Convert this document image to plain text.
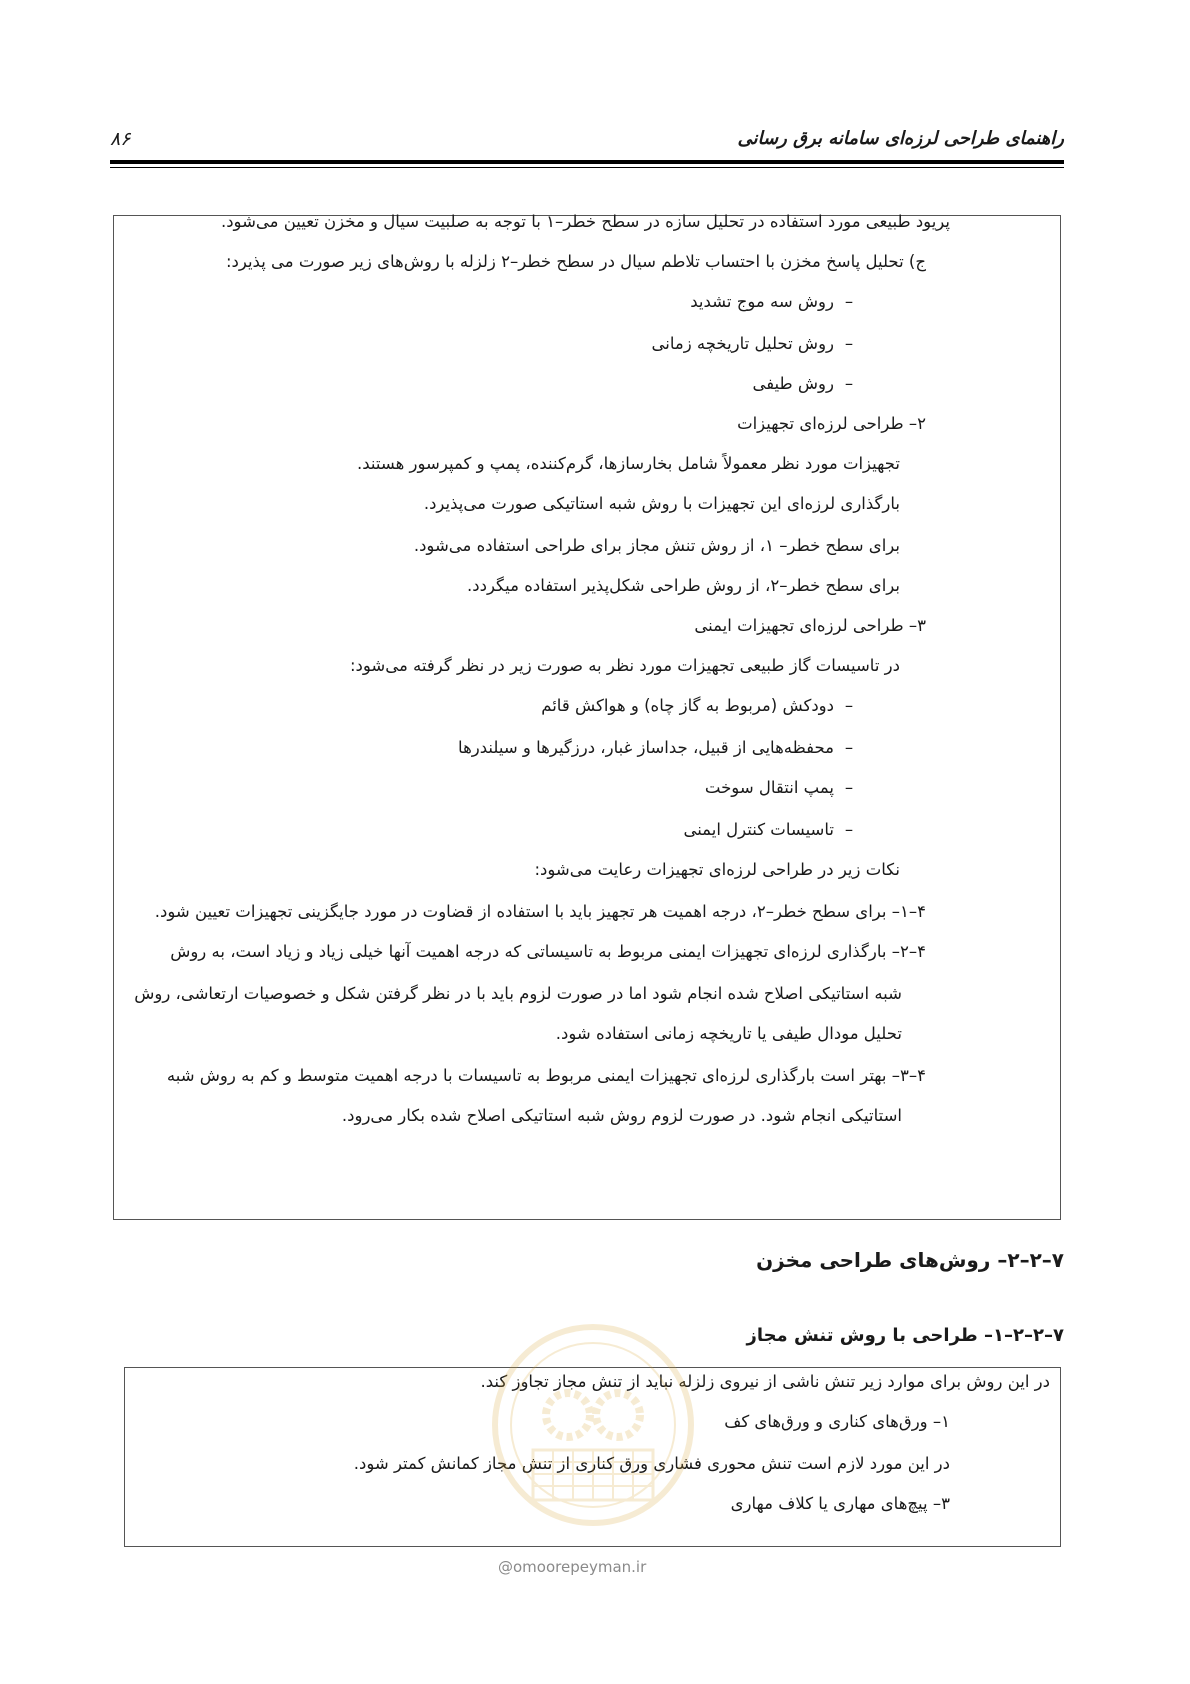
۸۶	راهنمای طراحی لرزه‌ای سامانه برق رسانی
پریود طبیعی مورد استفاده در تحلیل سازه در سطح خطر–۱ با توجه به صلبیت سیال و مخزن تعیین می‌شود.
ج) تحلیل پاسخ مخزن با احتساب تلاطم سیال در سطح خطر–۲ زلزله با روش‌های زیر صورت می پذیرد:
–روش سه موج تشدید
–روش تحلیل تاریخچه زمانی
–روش طیفی
۲– طراحی لرزه‌ای تجهیزات
تجهیزات مورد نظر معمولاً شامل بخارسازها، گرم‌کننده، پمپ و کمپرسور هستند.
بارگذاری لرزه‌ای این تجهیزات با روش شبه استاتیکی صورت می‌پذیرد.
برای سطح خطر– ۱، از روش تنش مجاز برای طراحی استفاده می‌شود.
برای سطح خطر–۲، از روش طراحی شکل‌پذیر استفاده میگردد.
۳– طراحی لرزه‌ای تجهیزات ایمنی
در تاسیسات گاز طبیعی تجهیزات مورد نظر به صورت زیر در نظر گرفته می‌شود:
–دودکش (مربوط به گاز چاه) و هواکش قائم
–محفظه‌هایی از قبیل، جداساز غبار، درزگیرها و سیلندرها
–پمپ انتقال سوخت
–تاسیسات کنترل ایمنی
نکات زیر در طراحی لرزه‌ای تجهیزات رعایت می‌شود:
۴–۱– برای سطح خطر–۲، درجه اهمیت هر تجهیز باید با استفاده از قضاوت در مورد جایگزینی تجهیزات تعیین شود.
۴–۲– بارگذاری لرزه‌ای تجهیزات ایمنی مربوط به تاسیساتی که درجه اهمیت آنها خیلی زیاد و زیاد است، به روش
شبه استاتیکی اصلاح شده انجام شود اما در صورت لزوم باید با در نظر گرفتن شکل و خصوصیات ارتعاشی، روش
تحلیل مودال طیفی یا تاریخچه زمانی استفاده شود.
۴–۳– بهتر است بارگذاری لرزه‌ای تجهیزات ایمنی مربوط به تاسیسات با درجه اهمیت متوسط و کم به روش شبه
استاتیکی انجام شود. در صورت لزوم روش شبه استاتیکی اصلاح شده بکار می‌رود.
۷–۲–۲– روش‌های طراحی مخزن
۷–۲–۲–۱– طراحی با روش تنش مجاز
در این روش برای موارد زیر تنش ناشی از نیروی زلزله نباید از تنش مجاز تجاوز کند.
۱– ورق‌های کناری و ورق‌های کف
در این مورد لازم است تنش محوری فشاری ورق کناری از تنش مجاز کمانش کمتر شود.
۳– پیچ‌های مهاری یا کلاف مهاری
@omoorepeyman.ir
